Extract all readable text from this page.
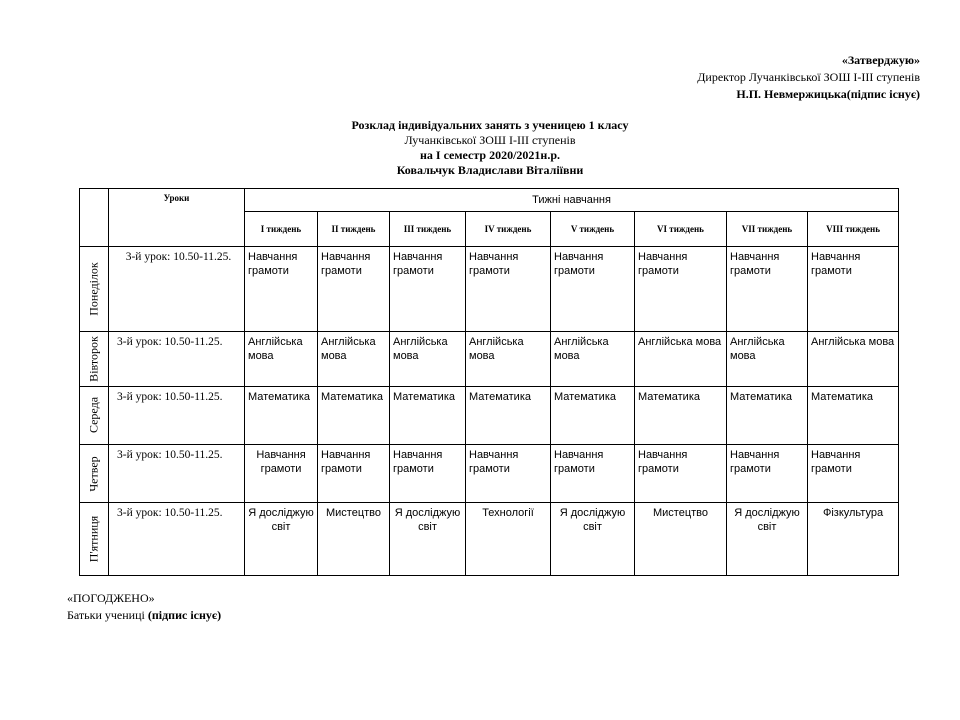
«Затверджую»
Директор Лучанківської ЗОШ І-ІІІ ступенів
Н.П. Невмержицька(підпис існує)
Розклад індивідуальних занять з ученицею 1 класу
Лучанківської ЗОШ І-ІІІ ступенів
на І семестр 2020/2021н.р.
Ковальчук Владислави Віталіївни
	Уроки	Тижні навчання							
		I тиждень	II тиждень	III тиждень	IV тиждень	V тиждень	VI тиждень	VII тиждень	VIII тиждень

Понеділок	3-й урок: 10.50-11.25.	Навчання грамоти	Навчання грамоти	Навчання грамоти	Навчання грамоти	Навчання грамоти	Навчання грамоти	Навчання грамоти	Навчання грамоти

Вівторок	3-й урок: 10.50-11.25.	Англійська мова	Англійська мова	Англійська мова	Англійська мова	Англійська мова	Англійська мова	Англійська мова	Англійська мова

Середа	3-й урок: 10.50-11.25.	Математика	Математика	Математика	Математика	Математика	Математика	Математика	Математика

Четвер	3-й урок: 10.50-11.25.	Навчання грамоти	Навчання грамоти	Навчання грамоти	Навчання грамоти	Навчання грамоти	Навчання грамоти	Навчання грамоти	Навчання грамоти

П'ятниця	3-й урок: 10.50-11.25.	Я досліджую світ	Мистецтво	Я досліджую світ	Технології	Я досліджую світ	Мистецтво	Я досліджую світ	Фізкультура
«ПОГОДЖЕНО»
Батьки учениці (підпис існує)
